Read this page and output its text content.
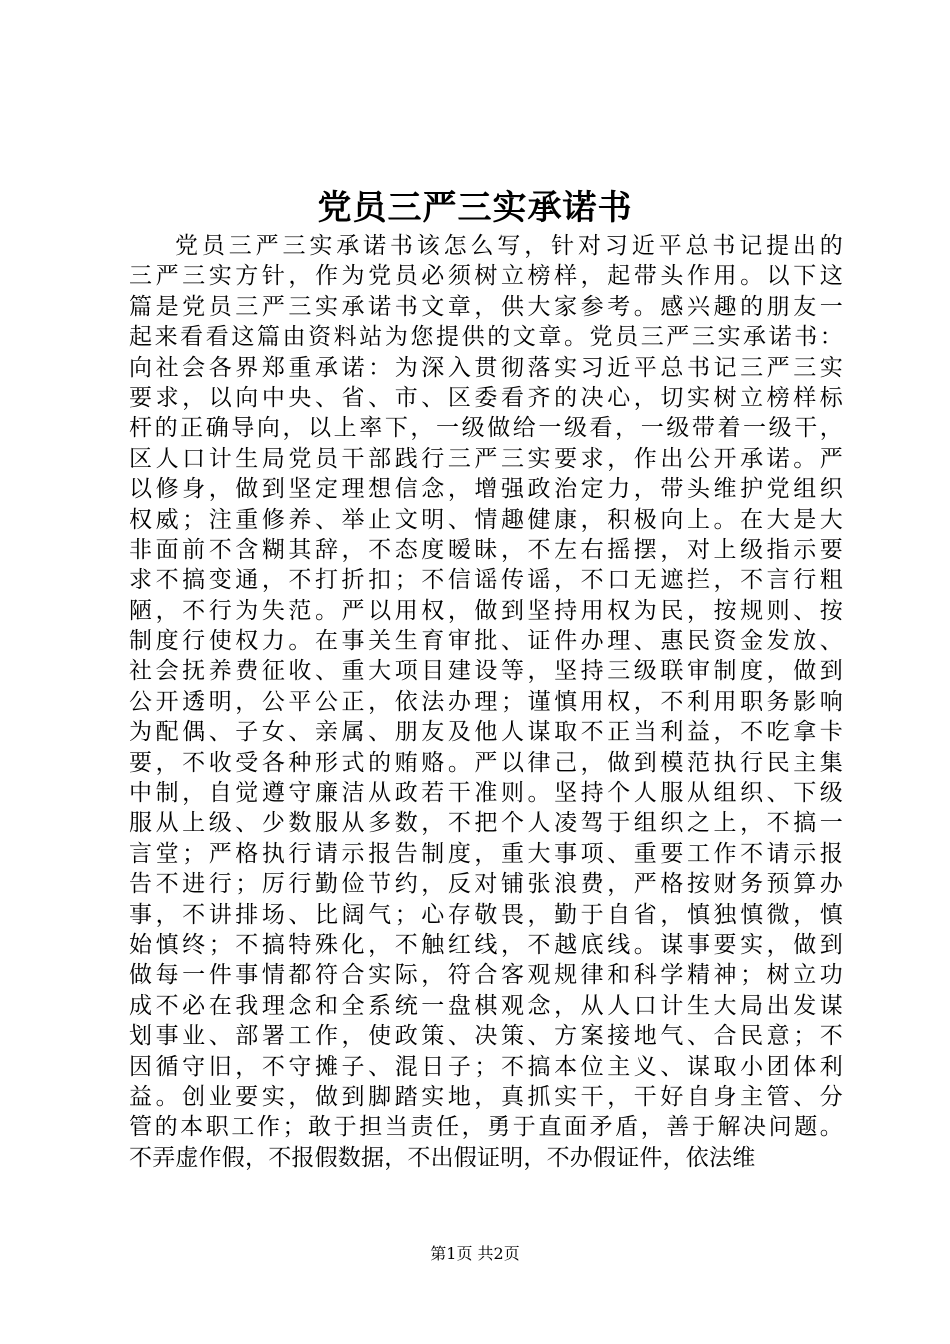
党员三严三实承诺书
党员三严三实承诺书该怎么写，针对习近平总书记提出的
三严三实方针，作为党员必须树立榜样，起带头作用。以下这
篇是党员三严三实承诺书文章，供大家参考。感兴趣的朋友一
起来看看这篇由资料站为您提供的文章。党员三严三实承诺书：
向社会各界郑重承诺：为深入贯彻落实习近平总书记三严三实
要求，以向中央、省、市、区委看齐的决心，切实树立榜样标
杆的正确导向，以上率下，一级做给一级看，一级带着一级干，
区人口计生局党员干部践行三严三实要求，作出公开承诺。严
以修身，做到坚定理想信念，增强政治定力，带头维护党组织
权威；注重修养、举止文明、情趣健康，积极向上。在大是大
非面前不含糊其辞，不态度暧昧，不左右摇摆，对上级指示要
求不搞变通，不打折扣；不信谣传谣，不口无遮拦，不言行粗
陋，不行为失范。严以用权，做到坚持用权为民，按规则、按
制度行使权力。在事关生育审批、证件办理、惠民资金发放、
社会抚养费征收、重大项目建设等，坚持三级联审制度，做到
公开透明，公平公正，依法办理；谨慎用权，不利用职务影响
为配偶、子女、亲属、朋友及他人谋取不正当利益，不吃拿卡
要，不收受各种形式的贿赂。严以律己，做到模范执行民主集
中制，自觉遵守廉洁从政若干准则。坚持个人服从组织、下级
服从上级、少数服从多数，不把个人凌驾于组织之上，不搞一
言堂；严格执行请示报告制度，重大事项、重要工作不请示报
告不进行；厉行勤俭节约，反对铺张浪费，严格按财务预算办
事，不讲排场、比阔气；心存敬畏，勤于自省，慎独慎微，慎
始慎终；不搞特殊化，不触红线，不越底线。谋事要实，做到
做每一件事情都符合实际，符合客观规律和科学精神；树立功
成不必在我理念和全系统一盘棋观念，从人口计生大局出发谋
划事业、部署工作，使政策、决策、方案接地气、合民意；不
因循守旧，不守摊子、混日子；不搞本位主义、谋取小团体利
益。创业要实，做到脚踏实地，真抓实干，干好自身主管、分
管的本职工作；敢于担当责任，勇于直面矛盾，善于解决问题。
不弄虚作假，不报假数据，不出假证明，不办假证件，依法维
第1页 共2页
